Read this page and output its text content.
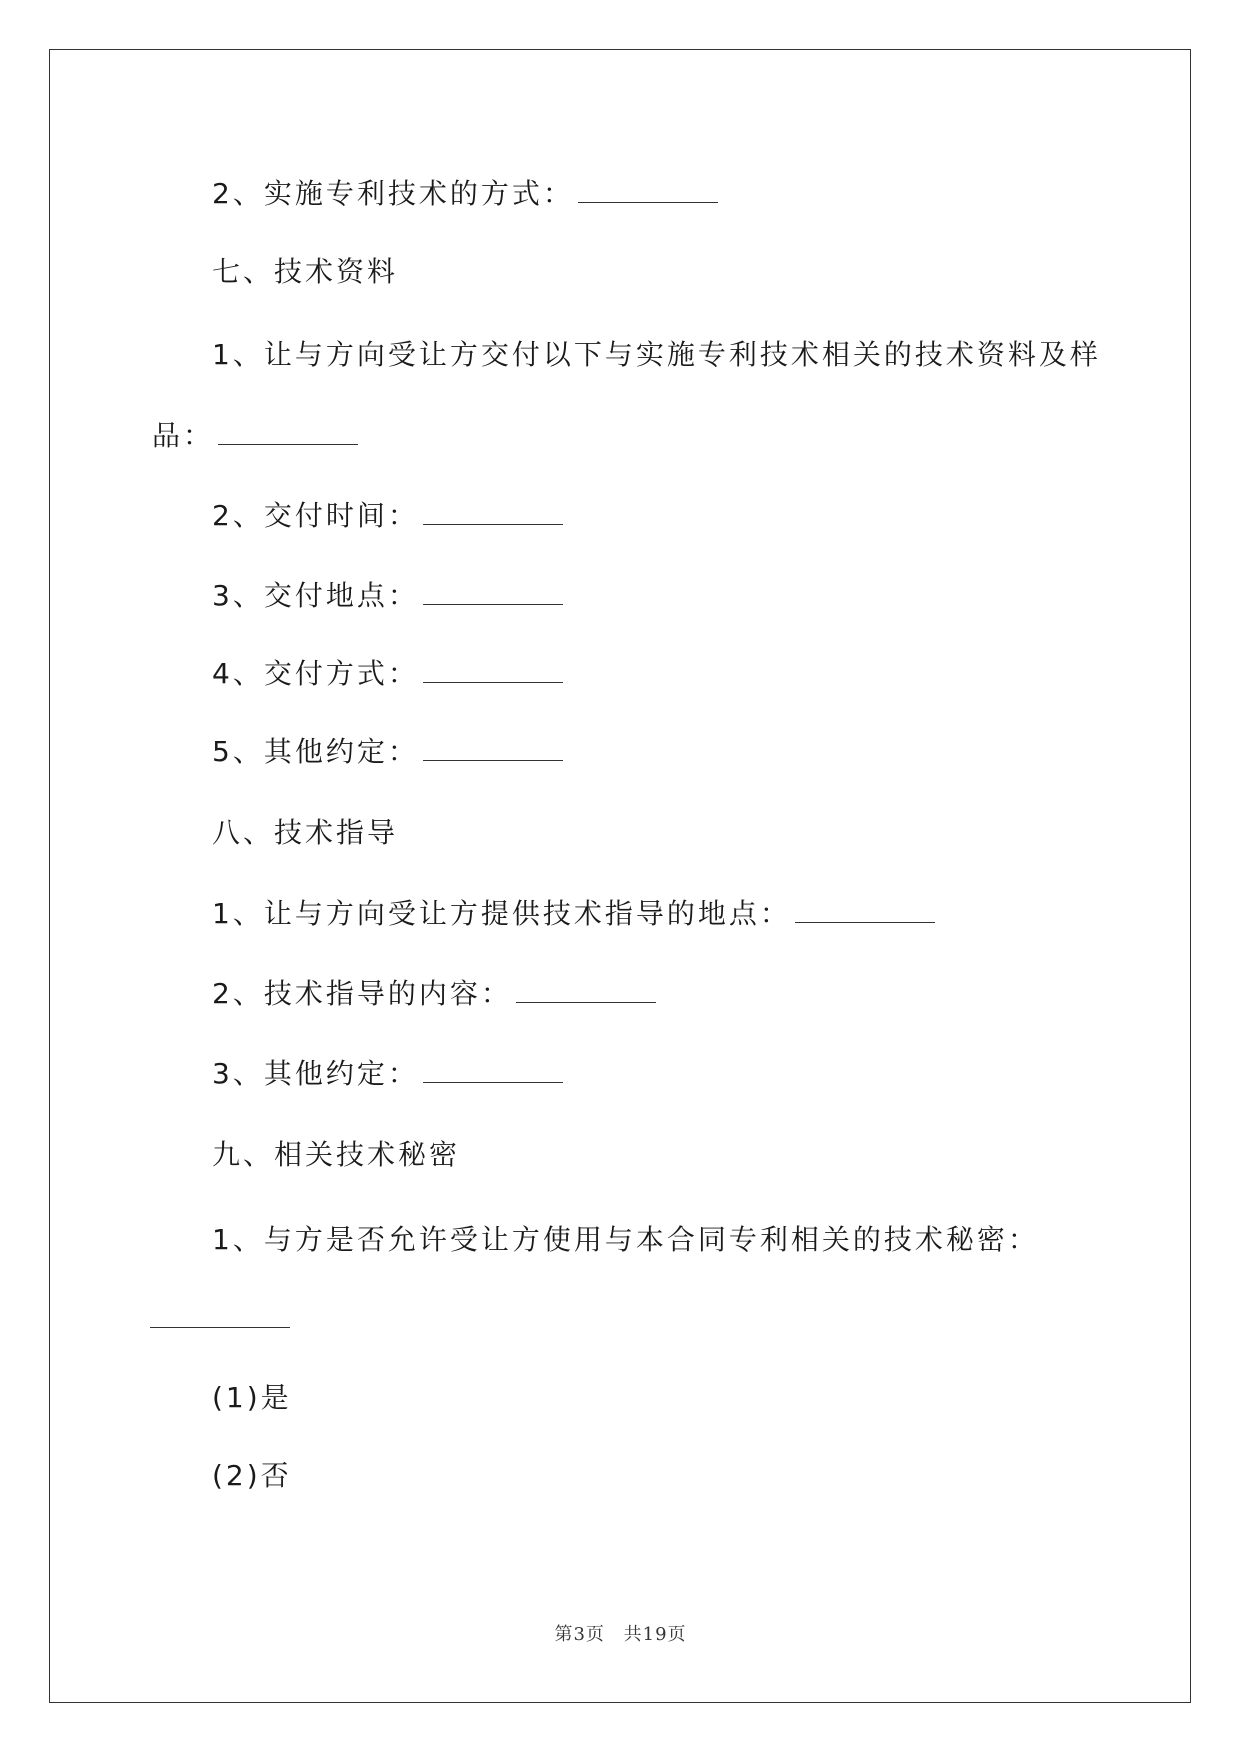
2、实施专利技术的方式：
七、技术资料
1、让与方向受让方交付以下与实施专利技术相关的技术资料及样
品：
2、交付时间：
3、交付地点：
4、交付方式：
5、其他约定：
八、技术指导
1、让与方向受让方提供技术指导的地点：
2、技术指导的内容：
3、其他约定：
九、相关技术秘密
1、与方是否允许受让方使用与本合同专利相关的技术秘密：
(1)是
(2)否
第3页 共19页
